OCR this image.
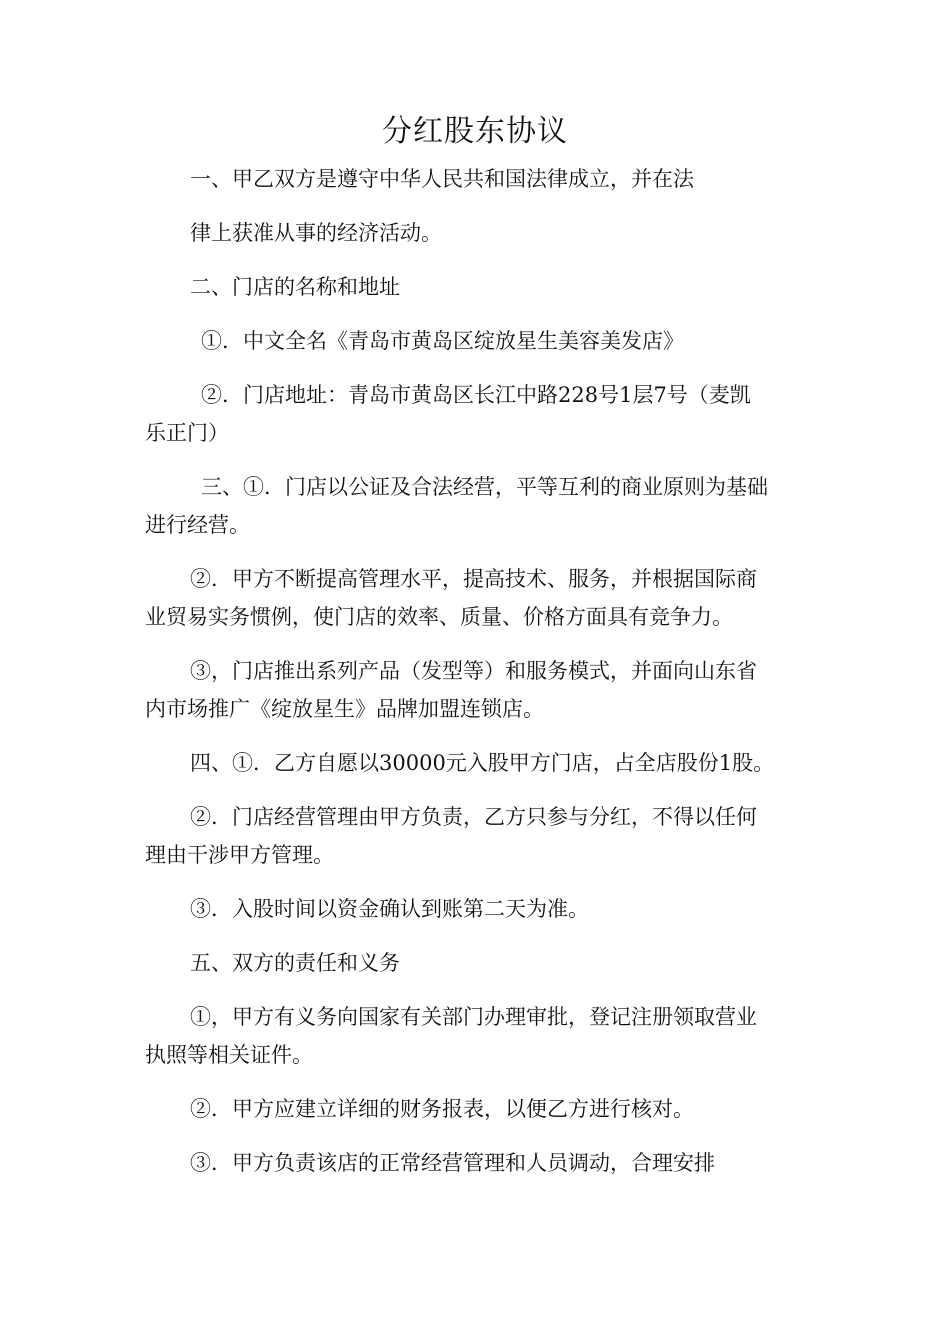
分红股东协议
一、甲乙双方是遵守中华人民共和国法律成立，并在法
律上获准从事的经济活动。
二、门店的名称和地址
①．中文全名《青岛市黄岛区绽放星生美容美发店》
②．门店地址：青岛市黄岛区长江中路228号1层7号（麦凯
乐正门）
三、①．门店以公证及合法经营，平等互利的商业原则为基础
进行经营。
②．甲方不断提高管理水平，提高技术、服务，并根据国际商
业贸易实务惯例，使门店的效率、质量、价格方面具有竞争力。
③，门店推出系列产品（发型等）和服务模式，并面向山东省
内市场推广《绽放星生》品牌加盟连锁店。
四、①．乙方自愿以30000元入股甲方门店，占全店股份1股。
②．门店经营管理由甲方负责，乙方只参与分红，不得以任何
理由干涉甲方管理。
③．入股时间以资金确认到账第二天为准。
五、双方的责任和义务
①，甲方有义务向国家有关部门办理审批，登记注册领取营业
执照等相关证件。
②．甲方应建立详细的财务报表，以便乙方进行核对。
③．甲方负责该店的正常经营管理和人员调动，合理安排
